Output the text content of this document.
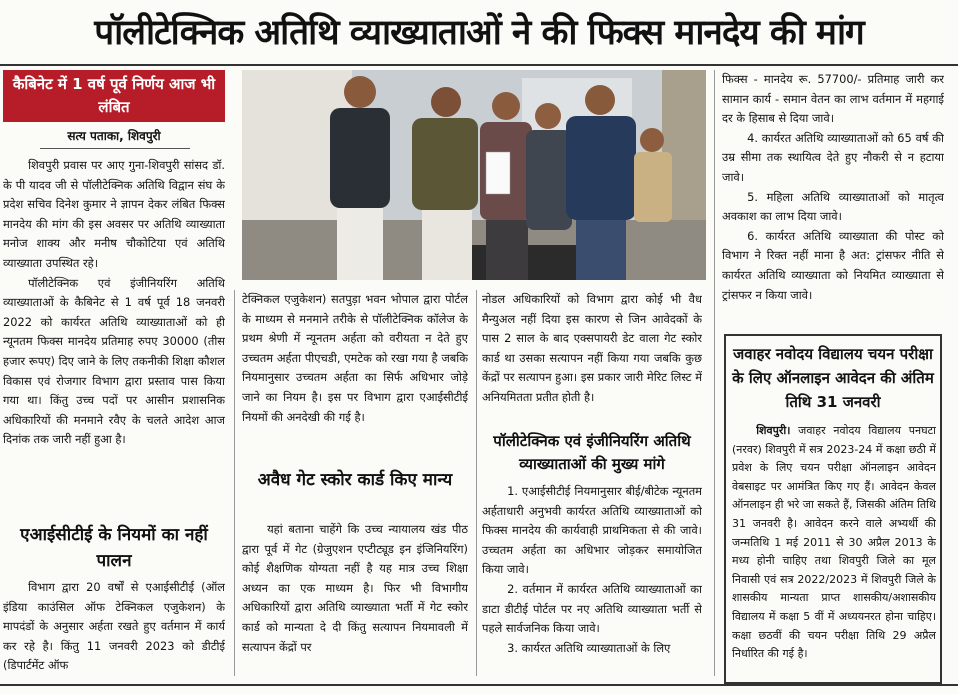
पॉलीटेक्निक अतिथि व्याख्याताओं ने की फिक्स मानदेय की मांग
कैबिनेट में 1 वर्ष पूर्व निर्णय आज भी लंबित
सत्य पताका, शिवपुरी

शिवपुरी प्रवास पर आए गुना-शिवपुरी सांसद डॉ. के पी यादव जी से पॉलीटेक्निक अतिथि विद्वान संघ के प्रदेश सचिव दिनेश कुमार ने ज्ञापन देकर लंबित फिक्स मानदेय की मांग की इस अवसर पर अतिथि व्याख्याता मनोज शाक्य और मनीष चौकोटिया एवं अतिथि व्याख्याता उपस्थित रहे।

पॉलीटेक्निक एवं इंजीनियरिंग अतिथि व्याख्याताओं के कैबिनेट से 1 वर्ष पूर्व 18 जनवरी 2022 को कार्यरत अतिथि व्याख्याताओं को ही न्यूनतम फिक्स मानदेय प्रतिमाह रुपए 30000 (तीस हजार रूपए) दिए जाने के लिए तकनीकी शिक्षा कौशल विकास एवं रोजगार विभाग द्वारा प्रस्ताव पास किया गया था। किंतु उच्च पदों पर आसीन प्रशासनिक अधिकारियों की मनमाने रवैए के चलते आदेश आज दिनांक तक जारी नहीं हुआ है।

एआईसीटीई के नियमों का नहीं पालन

विभाग द्वारा 20 वर्षों से एआईसीटीई (ऑल इंडिया काउंसिल ऑफ टेक्निकल एजुकेशन) के मापदंडों के अनुसार अर्हता रखते हुए वर्तमान में कार्य कर रहे है। किंतु 11 जनवरी 2023 को डीटीई (डिपार्टमेंट ऑफ

टेक्निकल एजुकेशन) सतपुड़ा भवन भोपाल द्वारा पोर्टल के माध्यम से मनमाने तरीके से पॉलीटेक्निक कॉलेज के प्रथम श्रेणी में न्यूनतम अर्हता को वरीयता न देते हुए उच्चतम अर्हता पीएचडी, एमटेक को रखा गया है जबकि नियमानुसार उच्चतम अर्हता का सिर्फ अधिभार जोड़े जाने का नियम है। इस पर विभाग द्वारा एआईसीटीई नियमों की अनदेखी की गई है।

अवैध गेट स्कोर कार्ड किए मान्य

यहां बताना चाहेंगे कि उच्च न्यायालय खंड पीठ द्वारा पूर्व में गेट (ग्रेजुएशन एप्टीट्यूड इन इंजिनियरिंग) कोई शैक्षणिक योग्यता नहीं है यह मात्र उच्च शिक्षा अध्यन का एक माध्यम है। फिर भी विभागीय अधिकारियों द्वारा अतिथि व्याख्याता भर्ती में गेट स्कोर कार्ड को मान्यता दे दी किंतु सत्यापन नियमावली में सत्यापन केंद्रों पर

नोडल अधिकारियों को विभाग द्वारा कोई भी वैध मैन्युअल नहीं दिया इस कारण से जिन आवेदकों के पास 2 साल के बाद एक्सपायरी डेट वाला गेट स्कोर कार्ड था उसका सत्यापन नहीं किया गया जबकि कुछ केंद्रों पर सत्यापन हुआ। इस प्रकार जारी मेरिट लिस्ट में अनियमितता प्रतीत होती है।

पॉलीटेक्निक एवं इंजीनियरिंग अतिथि व्याख्याताओं की मुख्य मांगे

1. एआईसीटीई नियमानुसार बीई/बीटेक न्यूनतम अर्हताधारी अनुभवी कार्यरत अतिथि व्याख्याताओं को फिक्स मानदेय की कार्यवाही प्राथमिकता से की जावे। उच्चतम अर्हता का अधिभार जोड़कर समायोजित किया जावे।

2. वर्तमान में कार्यरत अतिथि व्याख्याताओं का डाटा डीटीई पोर्टल पर नए अतिथि व्याख्याता भर्ती से पहले सार्वजनिक किया जावे।

3. कार्यरत अतिथि व्याख्याताओं के लिए

फिक्स - मानदेय रू. 57700/- प्रतिमाह जारी कर सामान कार्य - समान वेतन का लाभ वर्तमान में महगाई दर के हिसाब से दिया जावे।

4. कार्यरत अतिथि व्याख्याताओं को 65 वर्ष की उम्र सीमा तक स्थायित्व देते हुए नौकरी से न हटाया जावे।

5. महिला अतिथि व्याख्याताओं को मातृत्व अवकाश का लाभ दिया जावे।

6. कार्यरत अतिथि व्याख्याता की पोस्ट को विभाग ने रिक्त नहीं माना है अत: ट्रांसफर नीति से कार्यरत अतिथि व्याख्याता को नियमित व्याख्याता से ट्रांसफर न किया जावे।

जवाहर नवोदय विद्यालय चयन परीक्षा के लिए ऑनलाइन आवेदन की अंतिम तिथि 31 जनवरी

शिवपुरी। जवाहर नवोदय विद्यालय पनघटा (नरवर) शिवपुरी में सत्र 2023-24 में कक्षा छठी में प्रवेश के लिए चयन परीक्षा ऑनलाइन आवेदन वेबसाइट पर आमंत्रित किए गए हैं। आवेदन केवल ऑनलाइन ही भरे जा सकते हैं, जिसकी अंतिम तिथि 31 जनवरी है। आवेदन करने वाले अभ्यर्थी की जन्मतिथि 1 मई 2011 से 30 अप्रैल 2013 के मध्य होनी चाहिए तथा शिवपुरी जिले का मूल निवासी एवं सत्र 2022/2023 में शिवपुरी जिले के शासकीय मान्यता प्राप्त शासकीय/अशासकीय विद्यालय में कक्षा 5 वीं में अध्ययनरत होना चाहिए। कक्षा छठवीं की चयन परीक्षा तिथि 29 अप्रैल निर्धारित की गई है।
